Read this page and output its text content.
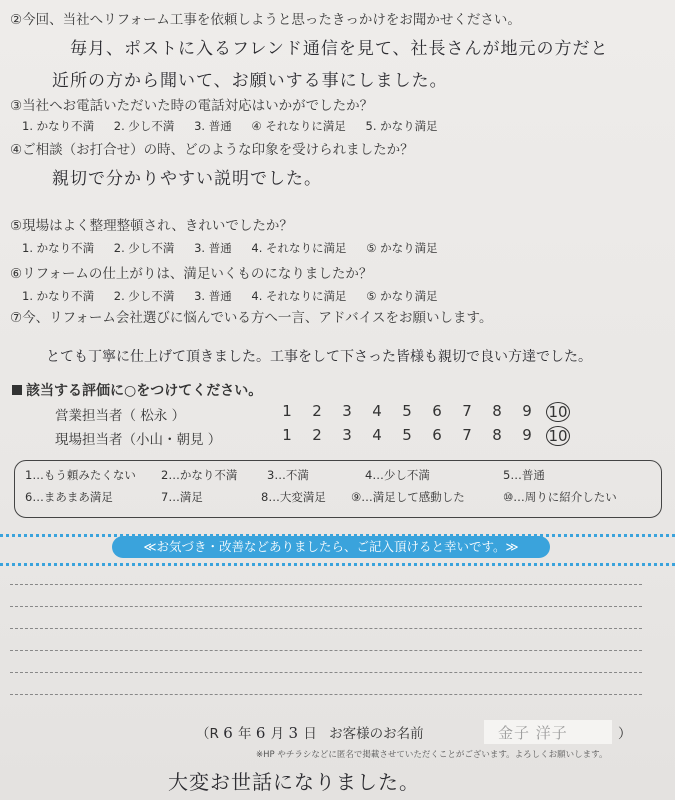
②今回、当社へリフォーム工事を依頼しようと思ったきっかけをお聞かせください。
毎月、ポストに入るフレンド通信を見て、社長さんが地元の方だと
近所の方から聞いて、お願いする事にしました。
③当社へお電話いただいた時の電話対応はいかがでしたか？
1. かなり不満 2. 少し不満 3. 普通 ④ それなりに満足 5. かなり満足
④ご相談（お打合せ）の時、どのような印象を受けられましたか？
親切で分かりやすい説明でした。
⑤現場はよく整理整頓され、きれいでしたか？
1. かなり不満 2. 少し不満 3. 普通 4. それなりに満足 ⑤ かなり満足
⑥リフォームの仕上がりは、満足いくものになりましたか？
1. かなり不満 2. 少し不満 3. 普通 4. それなりに満足 ⑤ かなり満足
⑦今、リフォーム会社選びに悩んでいる方へ一言、アドバイスをお願いします。
とても丁寧に仕上げて頂きました。工事をして下さった皆様も親切で良い方達でした。
該当する評価に○をつけてください。
営業担当者（ 松永 ）	1	2	3	4	5	6	7	8	9	10
現場担当者（小山・朝見 ）	1	2	3	4	5	6	7	8	9	10
1…もう頼みたくない 2…かなり不満	3…不満	4…少し不満	5…普通
6…まあまあ満足	7…満足	8…大変満足 ⑨…満足して感動した	⑩…周りに紹介したい
≪お気づき・改善などありましたら、ご記入頂けると幸いです。≫
（R 6 年 6 月 3 日 お客様のお名前	金子 洋子	）
※HP やチラシなどに匿名で掲載させていただくことがございます。よろしくお願いします。
大変お世話になりました。
